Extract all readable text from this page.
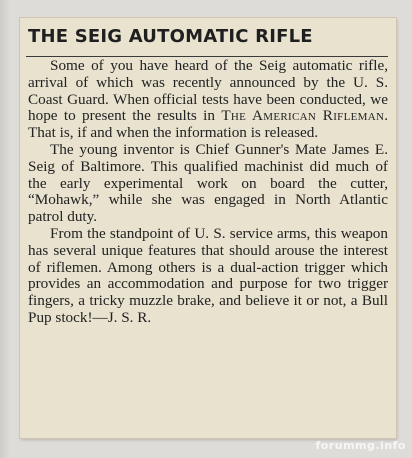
THE SEIG AUTOMATIC RIFLE

Some of you have heard of the Seig automatic rifle, arrival of which was recently announced by the U. S. Coast Guard. When official tests have been conducted, we hope to present the results in The American Rifleman. That is, if and when the information is released.

The young inventor is Chief Gunner's Mate James E. Seig of Baltimore. This qualified machinist did much of the early experimental work on board the cutter, “Mohawk,” while she was engaged in North Atlantic patrol duty.

From the standpoint of U. S. service arms, this weapon has several unique features that should arouse the interest of riflemen. Among others is a dual-action trigger which provides an accommodation and purpose for two trigger fingers, a tricky muzzle brake, and believe it or not, a Bull Pup stock!—J. S. R.

forummg.info
